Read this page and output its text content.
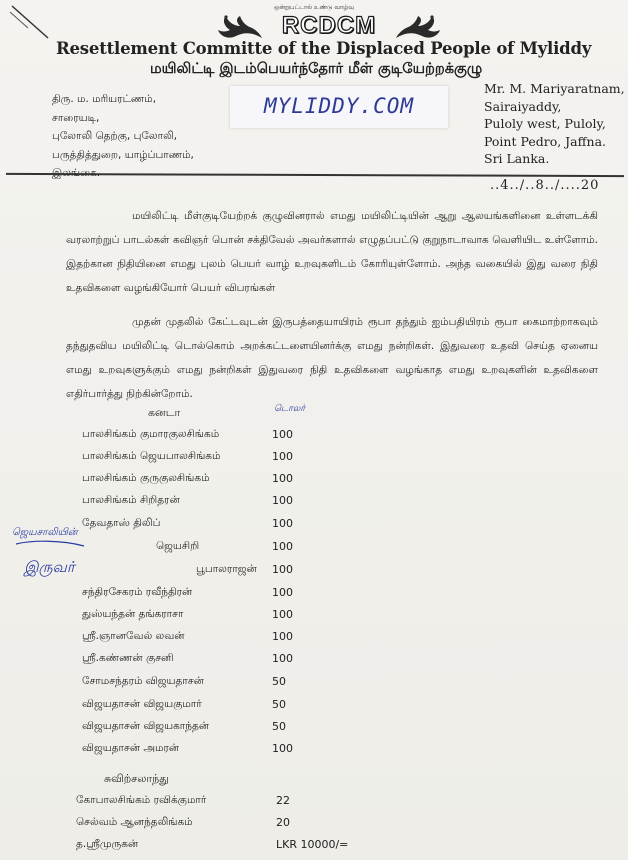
ஒன்றுபட்டால் உண்டு வாழ்வு
RCDCM
Resettlement Committe of the Displaced People of Myliddy
மயிலிட்டி இடம்பெயர்ந்தோர் மீள் குடியேற்றக்குழு
திரு. ம. மரியரட்ணம்,
சாரையடி,
புலோலி தெற்கு, புலோலி,
பருத்தித்துறை, யாழ்ப்பாணம்,
MYLIDDY.COM
Mr. M. Mariyaratnam,
Sairaiyaddy,
Puloly west, Puloly,
Point Pedro, Jaffna.
Sri Lanka.
..4../..8../....20
மயிலிட்டி மீள்குடியேற்றக் குழுவினரால் எமது மயிலிட்டியின் ஆறு ஆலயங்களினை உள்ளடக்கி வரலாற்றுப் பாடல்கள் கவிஞர் பொன் சக்திவேல் அவர்களால் எழுதப்பட்டு குறுநாடாவாக வெளியிட உள்ளோம். இதற்கான நிதியினை எமது புலம் பெயர் வாழ் உறவுகளிடம் கோரியுள்ளோம். அந்த வகையில் இது வரை நிதி உதவிகளை வழங்கியோர் பெயர் விபரங்கள்
முதன் முதலில் கேட்டவுடன் இருபத்தையாயிரம் ரூபா தந்தும் ஐம்பதியிரம் ரூபா கைமாற்றாகவும் தந்துதவிய மயிலிட்டி டொல்கொம் அறக்கட்டளையினர்க்கு எமது நன்றிகள். இதுவரை உதவி செய்த ஏனைய எமது உறவுகளுக்கும் எமது நன்றிகள் இதுவரை நிதி உதவிகளை வழங்காத எமது உறவுகளின் உதவிகளை எதிர்பார்த்து நிற்கின்றோம்.
கனடா	டொலர்
ஜெயசாலியின்
இருவர்
பாலசிங்கம் குமாரகுலசிங்கம்	100
பாலசிங்கம் ஜெயபாலசிங்கம்	100
பாலசிங்கம் குருகுலசிங்கம்	100
பாலசிங்கம் சிறிதரன்	100
தேவதாஸ் திலிப்	100
ஜெயசிறி	100
பூபாலராஜன் 100
சந்திரசேகரம் ரவீந்திரன்	100
துஸ்யந்தன் தங்கராசா	100
ஸ்ரீ.ஞானவேல் லவன்	100
ஸ்ரீ.கண்ணன் குசனி	100
சோமசந்தரம் விஜயதாசன்	50
விஜயதாசன் விஜயகுமார்	50
விஜயதாசன் விஜயகாந்தன்	50
விஜயதாசன் அமரன்	100
சுவிற்சலாந்து
கோபாலசிங்கம் ரவிக்குமார்	22
செல்வம் ஆனந்தலிங்கம்	20
த.ஸ்ரீமுருகன்	LKR 10000/=
